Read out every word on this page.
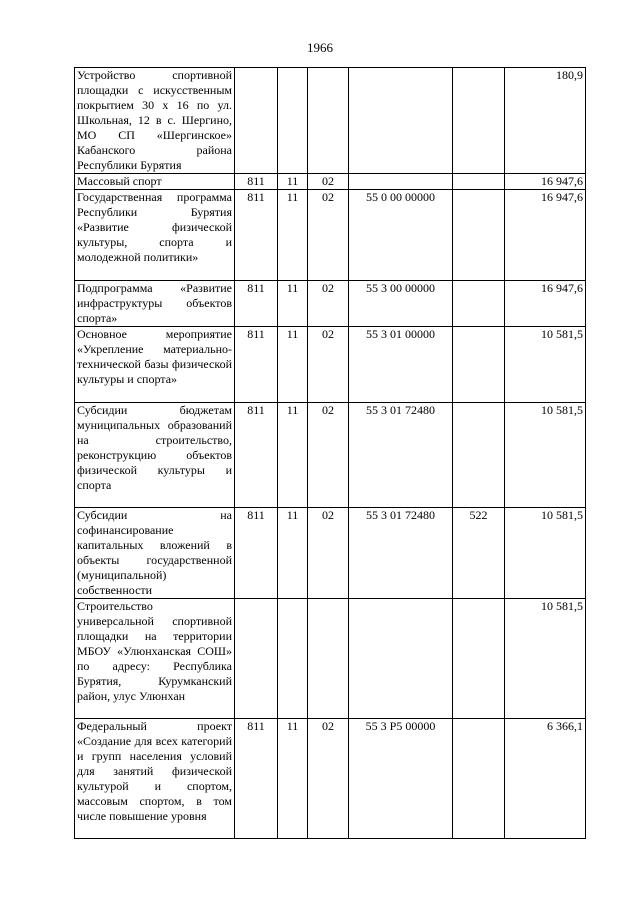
1966
Устройство спортивной площадки с искусственным покрытием 30 х 16 по ул. Школьная, 12 в с. Шергино, МО СП «Шергинское» Кабанского района Республики Бурятия						180,9
Массовый спорт	811	11	02			16 947,6
Государственная программа Республики Бурятия «Развитие физической культуры, спорта и молодежной политики»	811	11	02	55 0 00 00000		16 947,6
Подпрограмма «Развитие инфраструктуры объектов спорта»	811	11	02	55 3 00 00000		16 947,6
Основное мероприятие «Укрепление материально-технической базы физической культуры и спорта»	811	11	02	55 3 01 00000		10 581,5
Субсидии бюджетам муниципальных образований на строительство, реконструкцию объектов физической культуры и спорта	811	11	02	55 3 01 72480		10 581,5
Субсидии на софинансирование капитальных вложений в объекты государственной (муниципальной) собственности	811	11	02	55 3 01 72480	522	10 581,5
Строительство универсальной спортивной площадки на территории МБОУ «Улюнханская СОШ» по адресу: Республика Бурятия, Курумканский район, улус Улюнхан						10 581,5
Федеральный проект «Создание для всех категорий и групп населения условий для занятий физической культурой и спортом, массовым спортом, в том числе повышение уровня	811	11	02	55 3 P5 00000		6 366,1
